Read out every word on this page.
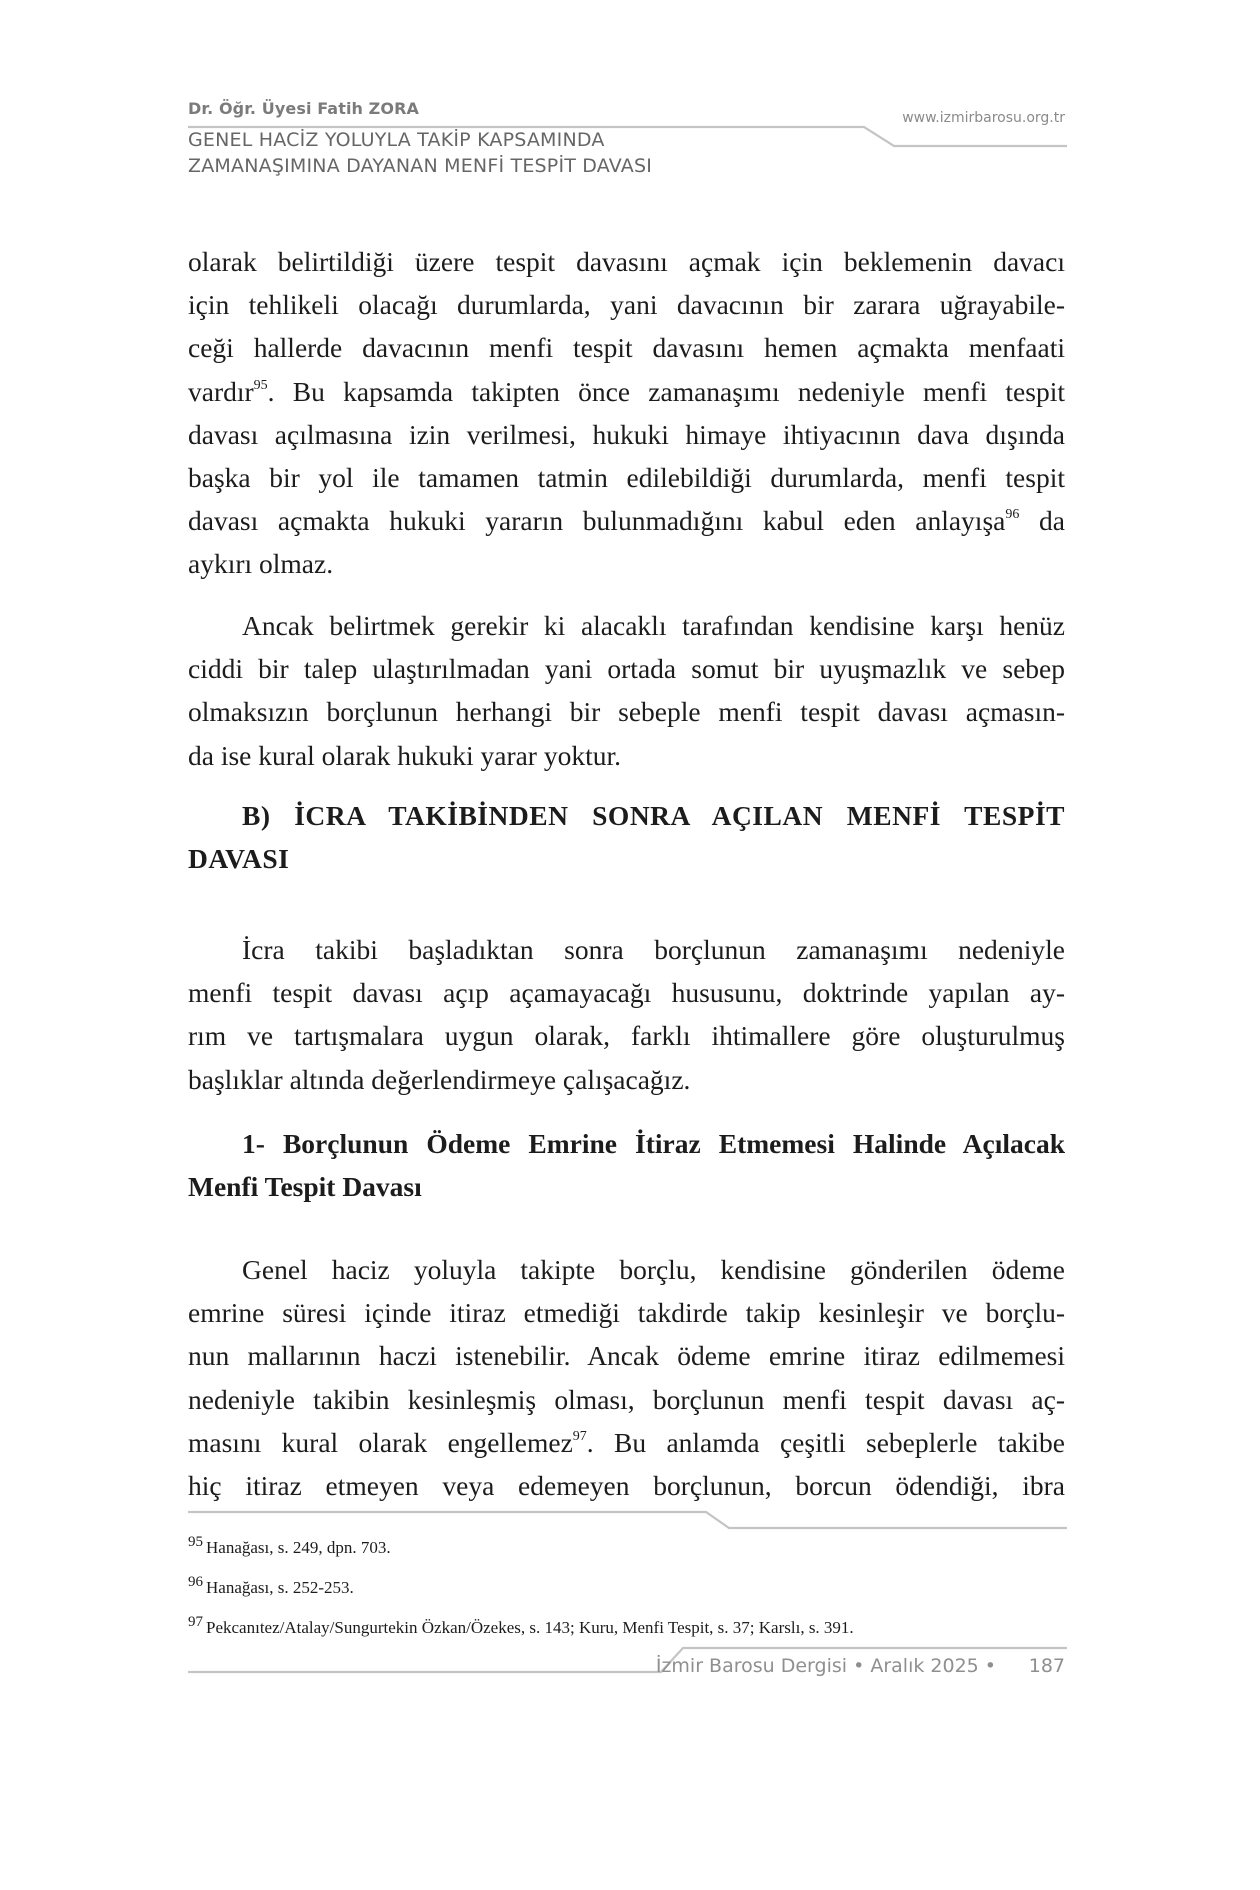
Dr. Öğr. Üyesi Fatih ZORA
GENEL HACİZ YOLUYLA TAKİP KAPSAMINDA
ZAMANAŞIMINA DAYANAN MENFİ TESPİT DAVASI
www.izmirbarosu.org.tr
olarak belirtildiği üzere tespit davasını açmak için beklemenin davacı
için tehlikeli olacağı durumlarda, yani davacının bir zarara uğrayabile-
ceği hallerde davacının menfi tespit davasını hemen açmakta menfaati
vardır$^{95}$. Bu kapsamda takipten önce zamanaşımı nedeniyle menfi tespit
davası açılmasına izin verilmesi, hukuki himaye ihtiyacının dava dışında
başka bir yol ile tamamen tatmin edilebildiği durumlarda, menfi tespit
davası açmakta hukuki yararın bulunmadığını kabul eden anlayışa$^{96}$ da
aykırı olmaz.
Ancak belirtmek gerekir ki alacaklı tarafından kendisine karşı henüz
ciddi bir talep ulaştırılmadan yani ortada somut bir uyuşmazlık ve sebep
olmaksızın borçlunun herhangi bir sebeple menfi tespit davası açmasın-
da ise kural olarak hukuki yarar yoktur.
B) İCRA TAKİBİNDEN SONRA AÇILAN MENFİ TESPİT
DAVASI
İcra takibi başladıktan sonra borçlunun zamanaşımı nedeniyle
menfi tespit davası açıp açamayacağı hususunu, doktrinde yapılan ay-
rım ve tartışmalara uygun olarak, farklı ihtimallere göre oluşturulmuş
başlıklar altında değerlendirmeye çalışacağız.
1- Borçlunun Ödeme Emrine İtiraz Etmemesi Halinde Açılacak
Menfi Tespit Davası
Genel haciz yoluyla takipte borçlu, kendisine gönderilen ödeme
emrine süresi içinde itiraz etmediği takdirde takip kesinleşir ve borçlu-
nun mallarının haczi istenebilir. Ancak ödeme emrine itiraz edilmemesi
nedeniyle takibin kesinleşmiş olması, borçlunun menfi tespit davası aç-
masını kural olarak engellemez$^{97}$. Bu anlamda çeşitli sebeplerle takibe
hiç itiraz etmeyen veya edemeyen borçlunun, borcun ödendiği, ibra
95 Hanağası, s. 249, dpn. 703.
96 Hanağası, s. 252-253.
97 Pekcanıtez/Atalay/Sungurtekin Özkan/Özekes, s. 143; Kuru, Menfi Tespit, s. 37; Karslı, s. 391.
İzmir Barosu Dergisi • Aralık 2025 • 187
